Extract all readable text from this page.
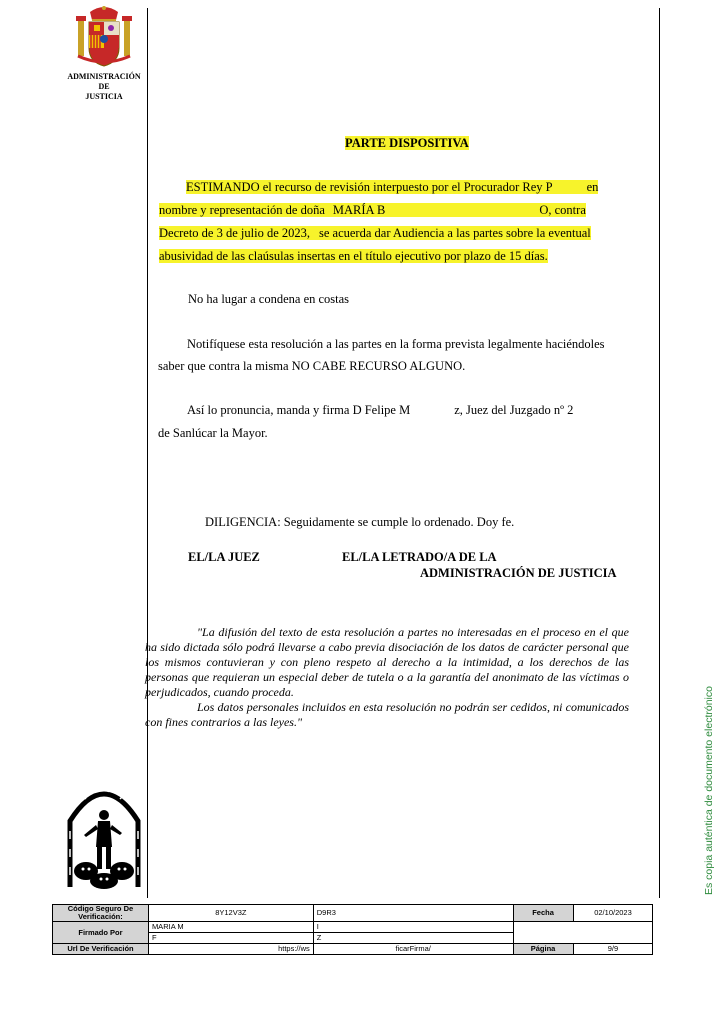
ADMINISTRACIÓN
DE
JUSTICIA
PARTE DISPOSITIVA
ESTIMANDO el recurso de revisión interpuesto por el Procurador Rey P	en
nombre y representación de doña MARÍA B	O, contra
Decreto de 3 de julio de 2023, se acuerda dar Audiencia a las partes sobre la eventual
abusividad de las claúsulas insertas en el título ejecutivo por plazo de 15 días.
No ha lugar a condena en costas
Notifíquese esta resolución a las partes en la forma prevista legalmente haciéndoles
saber que contra la misma NO CABE RECURSO ALGUNO.
Así lo pronuncia, manda y firma D Felipe M	z, Juez del Juzgado nº 2
de Sanlúcar la Mayor.
DILIGENCIA: Seguidamente se cumple lo ordenado. Doy fe.
EL/LA JUEZ	EL/LA LETRADO/A DE LA
ADMINISTRACIÓN DE JUSTICIA

"La difusión del texto de esta resolución a partes no interesadas en el proceso en el que ha sido dictada sólo podrá llevarse a cabo previa disociación de los datos de carácter personal que los mismos contuvieran y con pleno respeto al derecho a la intimidad, a los derechos de las personas que requieran un especial deber de tutela o a la garantía del anonimato de las víctimas o perjudicados, cuando proceda.

Los datos personales incluidos en esta resolución no podrán ser cedidos, ni comunicados con fines contrarios a las leyes."	Es copia auténtica de documento electrónico
Código Seguro De Verificación:	8Y12V3Z	D9R3	Fecha	02/10/2023	
Firmado Por	MARIA M	I			
	F	Z			
Url De Verificación	https://ws	ficarFirma/	Página	9/9	
